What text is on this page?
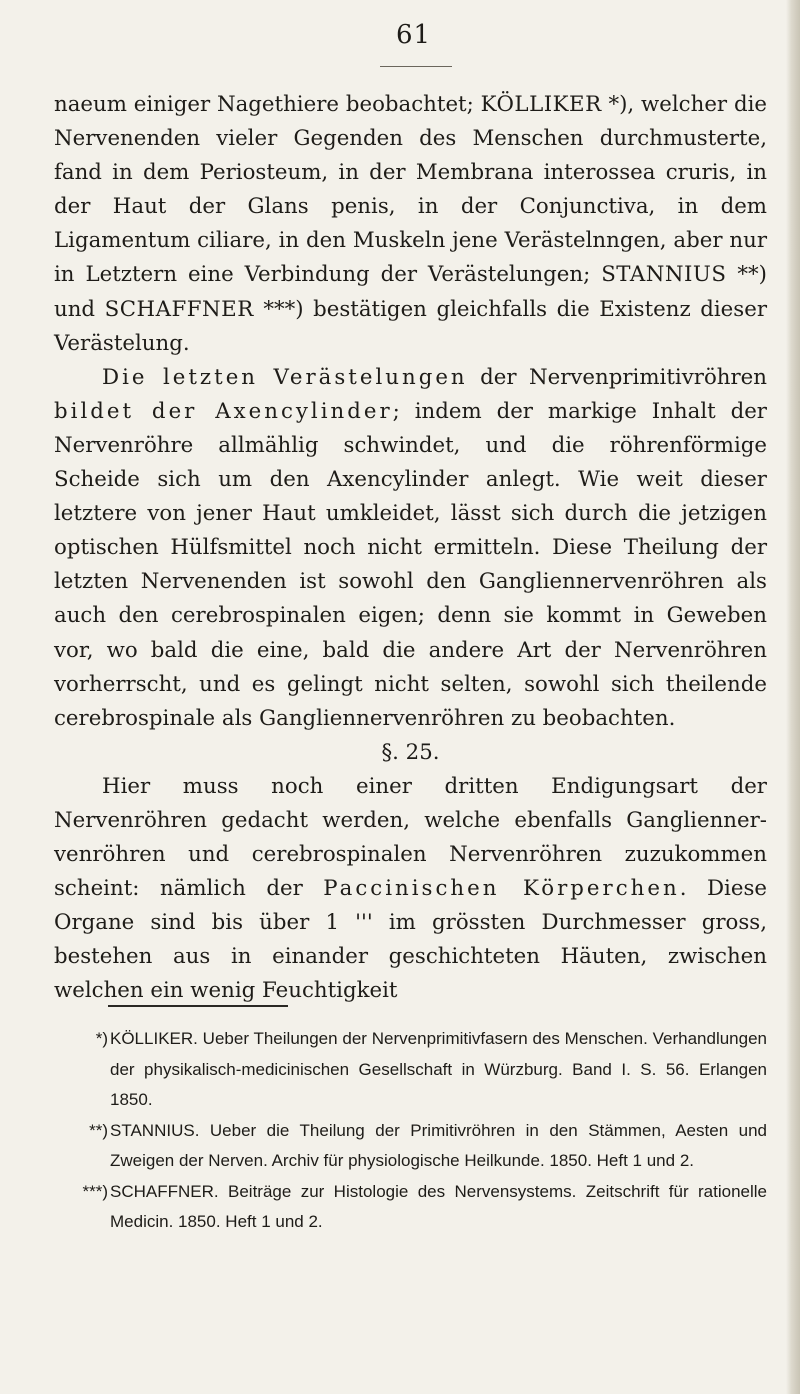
61

naeum einiger Nagethiere beobachtet; KÖLLIKER *), welcher die Nervenenden vieler Gegenden des Menschen durchmusterte, fand in dem Periosteum, in der Membrana interossea cruris, in der Haut der Glans penis, in der Conjunctiva, in dem Ligamentum ciliare, in den Muskeln jene Verästelnngen, aber nur in Letztern eine Verbindung der Verästelungen; STANNIUS **) und SCHAFFNER ***) bestätigen gleichfalls die Existenz dieser Verästelung.

Die letzten Verästelungen der Nervenprimitivröhren bildet der Axencylinder; indem der markige Inhalt der Nervenröhre allmählig schwindet, und die röhrenförmige Scheide sich um den Axencylinder anlegt. Wie weit dieser letztere von jener Haut umkleidet, lässt sich durch die jetzigen optischen Hülfsmittel noch nicht ermitteln. Diese Theilung der letzten Nervenenden ist sowohl den Gangliennervenröhren als auch den cerebrospinalen eigen; denn sie kommt in Geweben vor, wo bald die eine, bald die andere Art der Nervenröhren vorherrscht, und es gelingt nicht selten, sowohl sich theilende cerebrospinale als Gangliennervenröhren zu beobachten.

§. 25.

Hier muss noch einer dritten Endigungsart der Nervenröhren gedacht werden, welche ebenfalls Gangliennervenröhren und cerebrospinalen Nervenröhren zuzukommen scheint: nämlich der Paccinischen Körperchen. Diese Organe sind bis über 1 ''' im grössten Durchmesser gross, bestehen aus in einander geschichteten Häuten, zwischen welchen ein wenig Feuchtigkeit

*) KÖLLIKER. Ueber Theilungen der Nervenprimitivfasern des Menschen. Verhandlungen der physikalisch-medicinischen Gesellschaft in Würzburg. Band I. S. 56. Erlangen 1850.
**) STANNIUS. Ueber die Theilung der Primitivröhren in den Stämmen, Aesten und Zweigen der Nerven. Archiv für physiologische Heilkunde. 1850. Heft 1 und 2.
***) SCHAFFNER. Beiträge zur Histologie des Nervensystems. Zeitschrift für rationelle Medicin. 1850. Heft 1 und 2.
